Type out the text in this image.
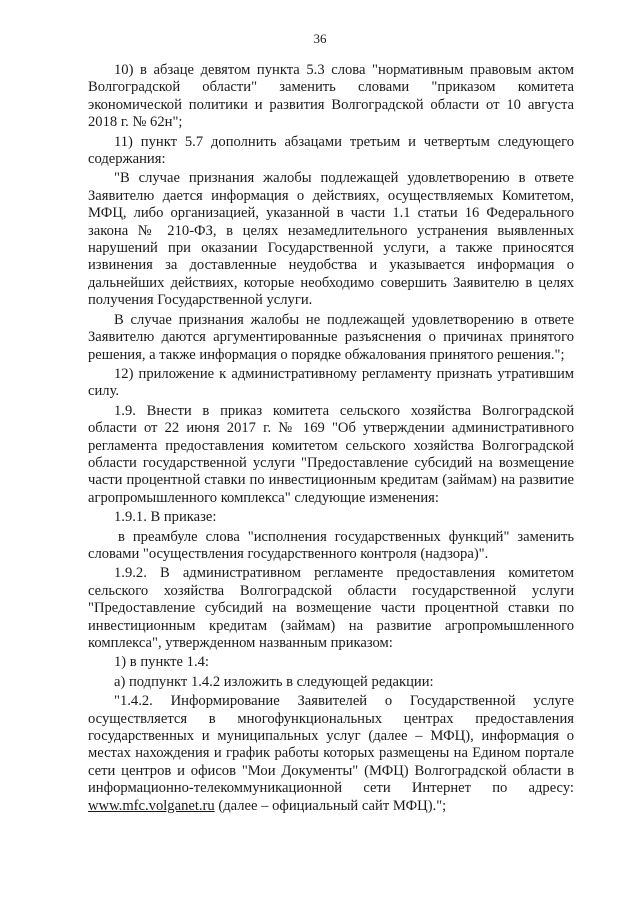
36

10) в абзаце девятом пункта 5.3 слова "нормативным правовым актом Волгоградской области" заменить словами "приказом комитета экономической политики и развития Волгоградской области от 10 августа 2018 г. № 62н";

11) пункт 5.7 дополнить абзацами третьим и четвертым следующего содержания:

"В случае признания жалобы подлежащей удовлетворению в ответе Заявителю дается информация о действиях, осуществляемых Комитетом, МФЦ, либо организацией, указанной в части 1.1 статьи 16 Федерального закона № 210-ФЗ, в целях незамедлительного устранения выявленных нарушений при оказании Государственной услуги, а также приносятся извинения за доставленные неудобства и указывается информация о дальнейших действиях, которые необходимо совершить Заявителю в целях получения Государственной услуги.

В случае признания жалобы не подлежащей удовлетворению в ответе Заявителю даются аргументированные разъяснения о причинах принятого решения, а также информация о порядке обжалования принятого решения.";

12) приложение к административному регламенту признать утратившим силу.

1.9. Внести в приказ комитета сельского хозяйства Волгоградской области от 22 июня 2017 г. № 169 "Об утверждении административного регламента предоставления комитетом сельского хозяйства Волгоградской области государственной услуги "Предоставление субсидий на возмещение части процентной ставки по инвестиционным кредитам (займам) на развитие агропромышленного комплекса" следующие изменения:

1.9.1. В приказе:

в преамбуле слова "исполнения государственных функций" заменить словами "осуществления государственного контроля (надзора)".

1.9.2. В административном регламенте предоставления комитетом сельского хозяйства Волгоградской области государственной услуги "Предоставление субсидий на возмещение части процентной ставки по инвестиционным кредитам (займам) на развитие агропромышленного комплекса", утвержденном названным приказом:

1) в пункте 1.4:

а) подпункт 1.4.2 изложить в следующей редакции:

"1.4.2. Информирование Заявителей о Государственной услуге осуществляется в многофункциональных центрах предоставления государственных и муниципальных услуг (далее – МФЦ), информация о местах нахождения и график работы которых размещены на Едином портале сети центров и офисов "Мои Документы" (МФЦ) Волгоградской области в информационно-телекоммуникационной сети Интернет по адресу: www.mfc.volganet.ru (далее – официальный сайт МФЦ).";
